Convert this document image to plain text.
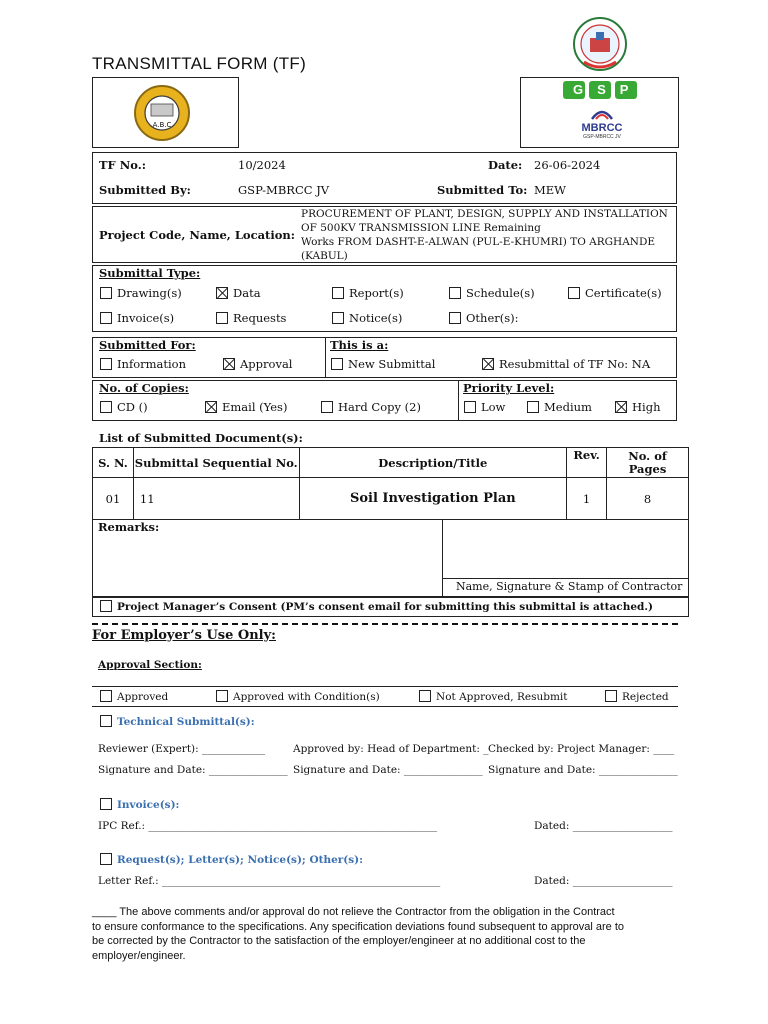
TRANSMITTAL FORM (TF)
A.B.C
GSP
MBRCC
GSP-MBRCC JV
TF No.:	10/2024	Date: 26-06-2024
Submitted By:	GSP-MBRCC JV	Submitted To: MEW
Project Code, Name, Location:
PROCUREMENT OF PLANT, DESIGN, SUPPLY AND INSTALLATION
OF 500KV TRANSMISSION LINE Remaining
Works FROM DASHT-E-ALWAN (PUL-E-KHUMRI) TO ARGHANDE
(KABUL)
Submittal Type:
Drawing(s)	Data	Report(s)	Schedule(s)	Certificate(s)
Invoice(s)	Requests	Notice(s)	Other(s):
Submitted For:
Information	Approval
This is a:
New Submittal	Resubmittal of TF No: NA
No. of Copies:
CD ()	Email (Yes)	Hard Copy (2)
Priority Level:
Low	Medium	High
List of Submitted Document(s):
S. N.	Submittal Sequential No.	Description/Title	Rev.	No. of Pages
01	11	Soil Investigation Plan	1	8
Remarks:
Name, Signature & Stamp of Contractor
Project Manager’s Consent (PM’s consent email for submitting this submittal is attached.)
For Employer’s Use Only:
Approval Section:
Approved	Approved with Condition(s)	Not Approved, Resubmit	Rejected
Technical Submittal(s):
Reviewer (Expert): ____________	Approved by: Head of Department: _ Checked by: Project Manager: ____
Signature and Date: _______________ Signature and Date: _______________ Signature and Date: _______________
Invoice(s):
IPC Ref.: _______________________________________________________	Dated: ___________________
Request(s); Letter(s); Notice(s); Other(s):
Letter Ref.: _____________________________________________________	Dated: ___________________
____ The above comments and/or approval do not relieve the Contractor from the obligation in the Contract
to ensure conformance to the specifications. Any specification deviations found subsequent to approval are to
be corrected by the Contractor to the satisfaction of the employer/engineer at no additional cost to the
employer/engineer.
